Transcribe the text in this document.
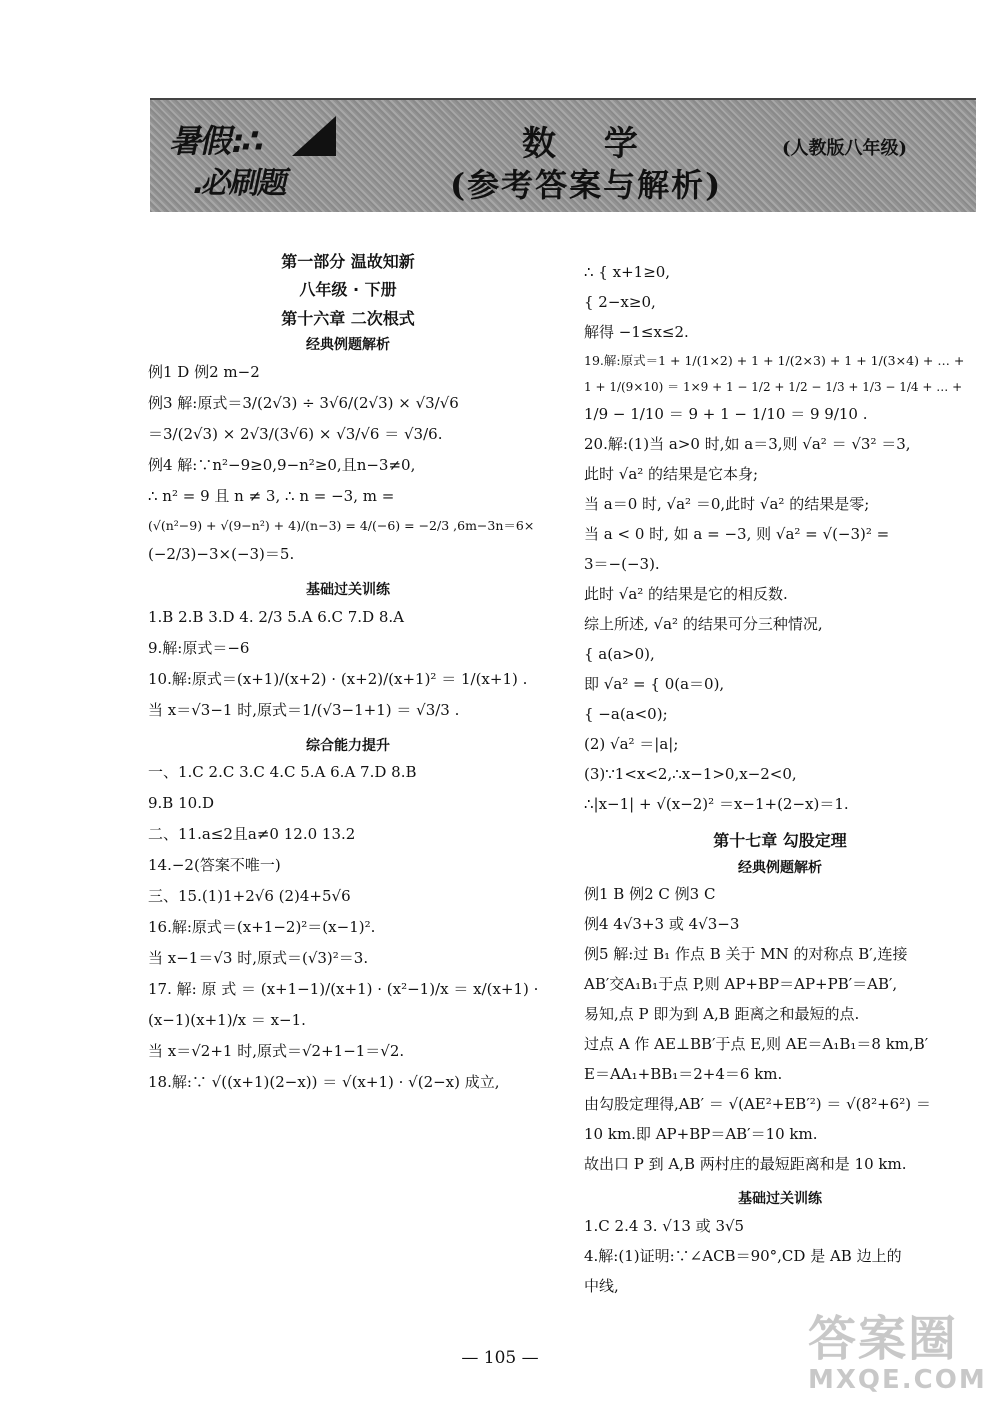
暑假:∴
.必刷题
数 学	(人教版八年级)
(参考答案与解析)
第一部分 温故知新
八年级 · 下册
第十六章 二次根式
经典例题解析
例1 D 例2 m−2
例3 解:原式＝3/(2√3) ÷ 3√6/(2√3) × √3/√6
＝3/(2√3) × 2√3/(3√6) × √3/√6 ＝ √3/6.
例4 解:∵n²−9≥0,9−n²≥0,且n−3≠0,
∴ n² = 9 且 n ≠ 3, ∴ n = −3, m =
(√(n²−9) + √(9−n²) + 4)/(n−3) = 4/(−6) = −2/3 ,6m−3n＝6×
(−2/3)−3×(−3)＝5.
基础过关训练
1.B 2.B 3.D 4. 2/3 5.A 6.C 7.D 8.A
9.解:原式＝−6
10.解:原式＝(x+1)/(x+2) · (x+2)/(x+1)² ＝ 1/(x+1) .
当 x＝√3−1 时,原式＝1/(√3−1+1) ＝ √3/3 .
综合能力提升
一、1.C 2.C 3.C 4.C 5.A 6.A 7.D 8.B
9.B 10.D
二、11.a≤2且a≠0 12.0 13.2
14.−2(答案不唯一)
三、15.(1)1+2√6 (2)4+5√6
16.解:原式＝(x+1−2)²＝(x−1)².
当 x−1＝√3 时,原式＝(√3)²＝3.
17. 解: 原 式 ＝ (x+1−1)/(x+1) · (x²−1)/x ＝ x/(x+1) ·
(x−1)(x+1)/x ＝ x−1.
当 x＝√2+1 时,原式＝√2+1−1＝√2.
18.解:∵ √((x+1)(2−x)) ＝ √(x+1) · √(2−x) 成立,
∴ { x+1≥0,
{ 2−x≥0,
解得 −1≤x≤2.
19.解:原式＝1 + 1/(1×2) + 1 + 1/(2×3) + 1 + 1/(3×4) + … +
1 + 1/(9×10) ＝ 1×9 + 1 − 1/2 + 1/2 − 1/3 + 1/3 − 1/4 + … +
1/9 − 1/10 ＝ 9 + 1 − 1/10 ＝ 9 9/10 .
20.解:(1)当 a>0 时,如 a＝3,则 √a² ＝ √3² ＝3,
此时 √a² 的结果是它本身;
当 a＝0 时, √a² ＝0,此时 √a² 的结果是零;
当 a < 0 时, 如 a = −3, 则 √a² = √(−3)² =
3＝−(−3).
此时 √a² 的结果是它的相反数.
综上所述, √a² 的结果可分三种情况,
{ a(a>0),
即 √a² = { 0(a＝0),
{ −a(a<0);
(2) √a² ＝|a|;
(3)∵1<x<2,∴x−1>0,x−2<0,
∴|x−1| + √(x−2)² ＝x−1+(2−x)＝1.
第十七章 勾股定理
经典例题解析
例1 B 例2 C 例3 C
例4 4√3+3 或 4√3−3
例5 解:过 B₁ 作点 B 关于 MN 的对称点 B′,连接
AB′交A₁B₁于点 P,则 AP+BP＝AP+PB′＝AB′,
易知,点 P 即为到 A,B 距离之和最短的点.
过点 A 作 AE⊥BB′于点 E,则 AE＝A₁B₁＝8 km,B′
E＝AA₁+BB₁＝2+4＝6 km.
由勾股定理得,AB′ ＝ √(AE²+EB′²) ＝ √(8²+6²) ＝
10 km.即 AP+BP＝AB′＝10 km.
故出口 P 到 A,B 两村庄的最短距离和是 10 km.
基础过关训练
1.C 2.4 3. √13 或 3√5
4.解:(1)证明:∵∠ACB＝90°,CD 是 AB 边上的
中线,
— 105 —	答案圈
MXQE.COM
